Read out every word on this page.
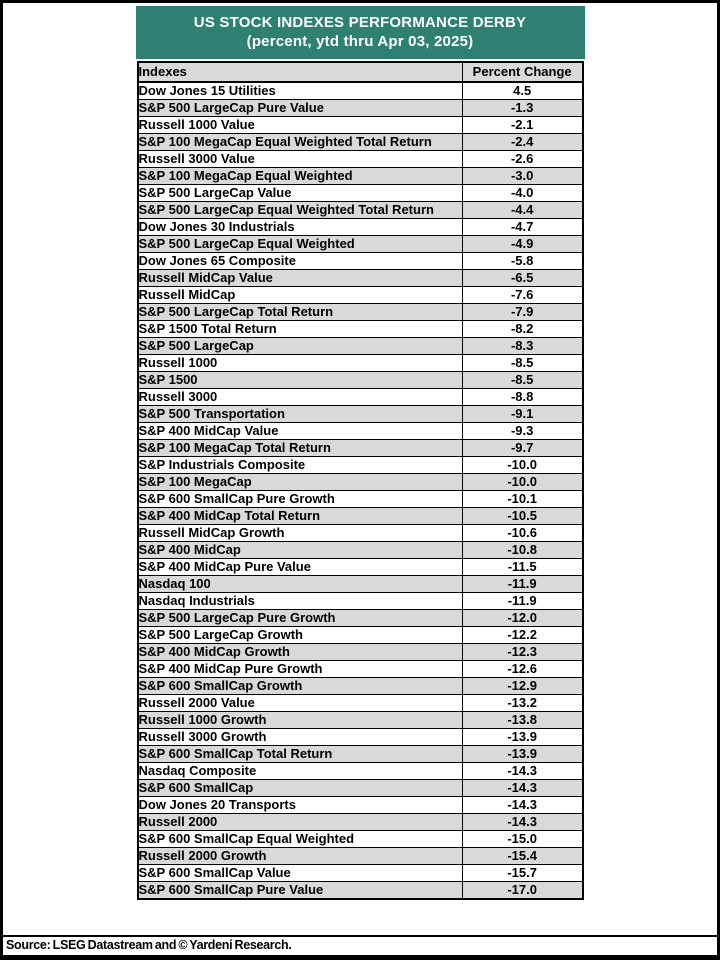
US STOCK INDEXES PERFORMANCE DERBY
(percent, ytd thru Apr 03, 2025)
Indexes	Percent Change
Dow Jones 15 Utilities	4.5
S&P 500 LargeCap Pure Value	-1.3
Russell 1000 Value	-2.1
S&P 100 MegaCap Equal Weighted Total Return	-2.4
Russell 3000 Value	-2.6
S&P 100 MegaCap Equal Weighted	-3.0
S&P 500 LargeCap Value	-4.0
S&P 500 LargeCap Equal Weighted Total Return	-4.4
Dow Jones 30 Industrials	-4.7
S&P 500 LargeCap Equal Weighted	-4.9
Dow Jones 65 Composite	-5.8
Russell MidCap Value	-6.5
Russell MidCap	-7.6
S&P 500 LargeCap Total Return	-7.9
S&P 1500 Total Return	-8.2
S&P 500 LargeCap	-8.3
Russell 1000	-8.5
S&P 1500	-8.5
Russell 3000	-8.8
S&P 500 Transportation	-9.1
S&P 400 MidCap Value	-9.3
S&P 100 MegaCap Total Return	-9.7
S&P Industrials Composite	-10.0
S&P 100 MegaCap	-10.0
S&P 600 SmallCap Pure Growth	-10.1
S&P 400 MidCap Total Return	-10.5
Russell MidCap Growth	-10.6
S&P 400 MidCap	-10.8
S&P 400 MidCap Pure Value	-11.5
Nasdaq 100	-11.9
Nasdaq Industrials	-11.9
S&P 500 LargeCap Pure Growth	-12.0
S&P 500 LargeCap Growth	-12.2
S&P 400 MidCap Growth	-12.3
S&P 400 MidCap Pure Growth	-12.6
S&P 600 SmallCap Growth	-12.9
Russell 2000 Value	-13.2
Russell 1000 Growth	-13.8
Russell 3000 Growth	-13.9
S&P 600 SmallCap Total Return	-13.9
Nasdaq Composite	-14.3
S&P 600 SmallCap	-14.3
Dow Jones 20 Transports	-14.3
Russell 2000	-14.3
S&P 600 SmallCap Equal Weighted	-15.0
Russell 2000 Growth	-15.4
S&P 600 SmallCap Value	-15.7
S&P 600 SmallCap Pure Value	-17.0
Source: LSEG Datastream and © Yardeni Research.
